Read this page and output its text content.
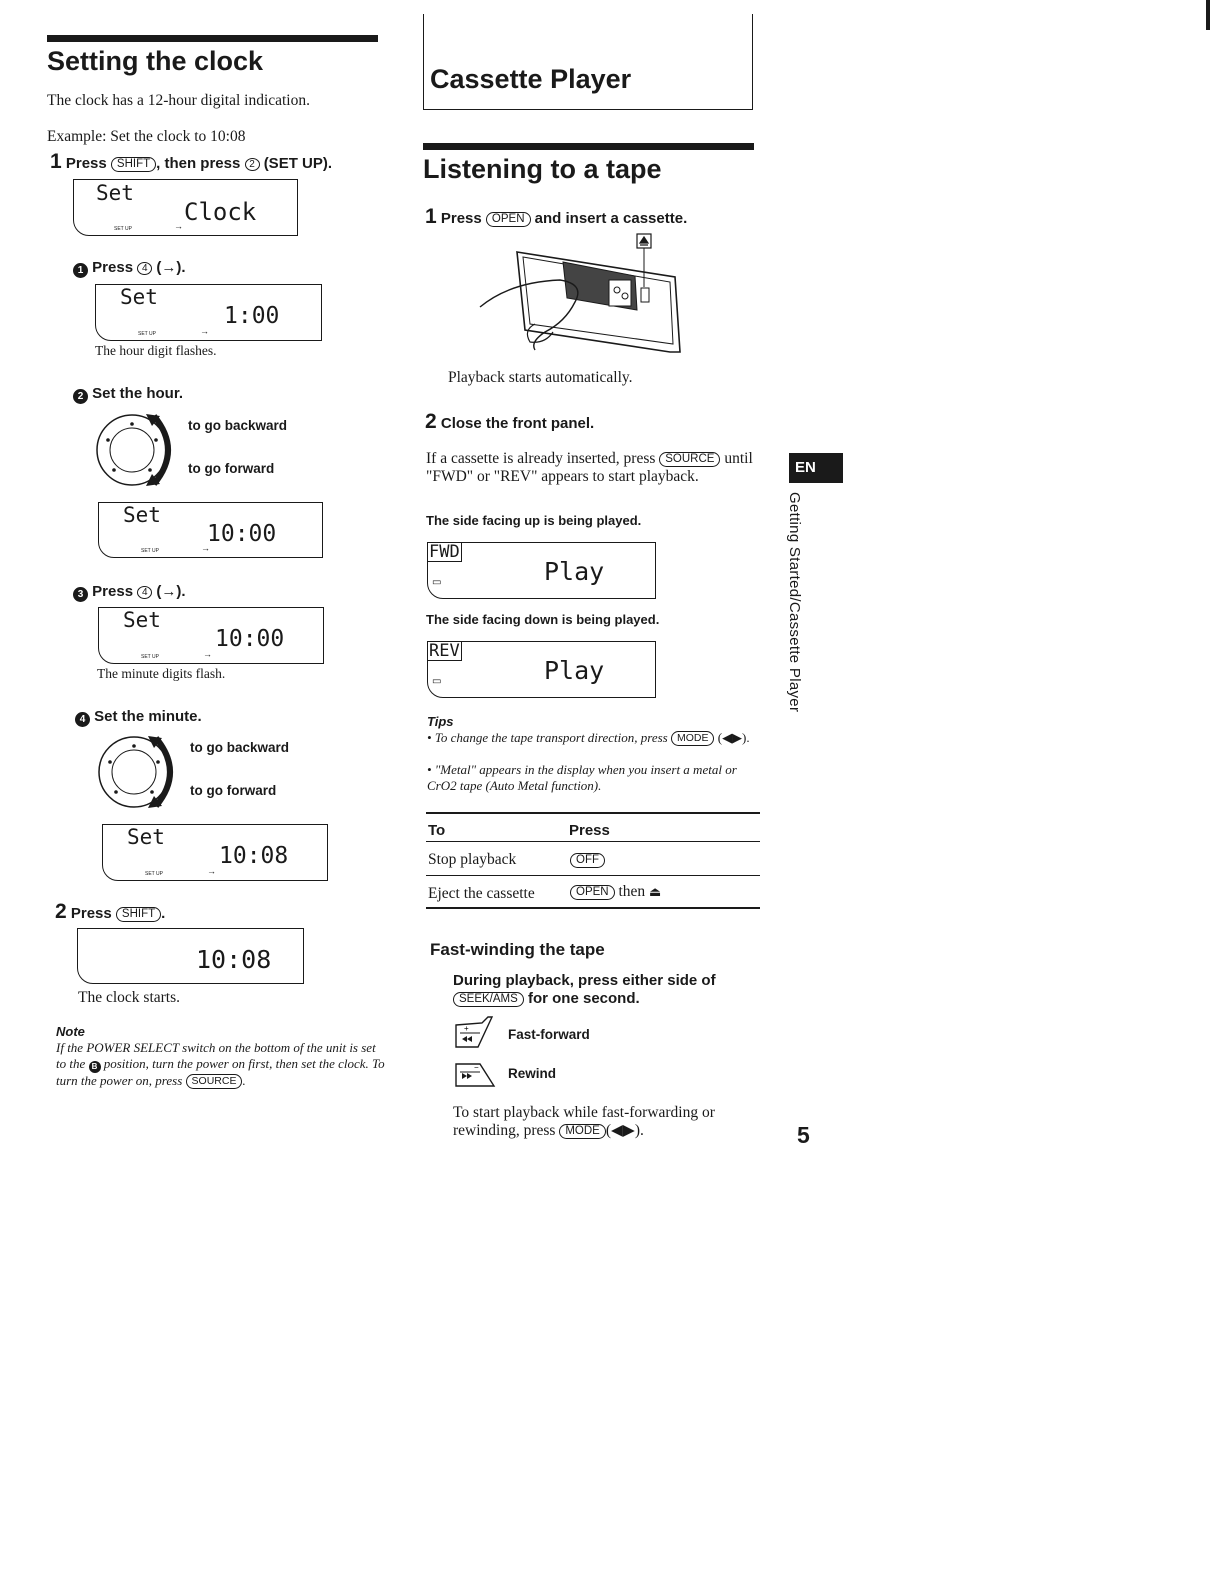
Setting the clock
The clock has a 12-hour digital indication.
Example: Set the clock to 10:08
1 Press SHIFT , then press 2 (SET UP).
Set
Clock
SET UP	→
1 Press 4 (→).
Set
1:00
SET UP	→
The hour digit flashes.
2 Set the hour.
to go backward
to go forward
Set
10:00
SET UP	→
3 Press 4 (→).
Set
10:00
SET UP	→
The minute digits flash.
4 Set the minute.
to go backward
to go forward
Set
10:08
SET UP	→
2 Press SHIFT .
10:08
The clock starts.
Note
If the POWER SELECT switch on the bottom of the unit is set to the B position, turn the power on first, then set the clock. To turn the power on, press SOURCE .
Cassette Player
Listening to a tape
1 Press OPEN and insert a cassette.
Playback starts automatically.
2 Close the front panel.
If a cassette is already inserted, press SOURCE until "FWD" or "REV" appears to start playback.
The side facing up is being played.
FWD
▭	Play
The side facing down is being played.
REV
▭	Play
Tips
• To change the tape transport direction, press MODE (◀▶).
• "Metal" appears in the display when you insert a metal or CrO2 tape (Auto Metal function).
To	Press
Stop playback	OFF
Eject the cassette	OPEN then ⏏
Fast-winding the tape
During playback, press either side of SEEK/AMS for one second.
+	Fast-forward
− Rewind
To start playback while fast-forwarding or rewinding, press MODE (◀▶).
EN
Getting Started/Cassette Player
5
